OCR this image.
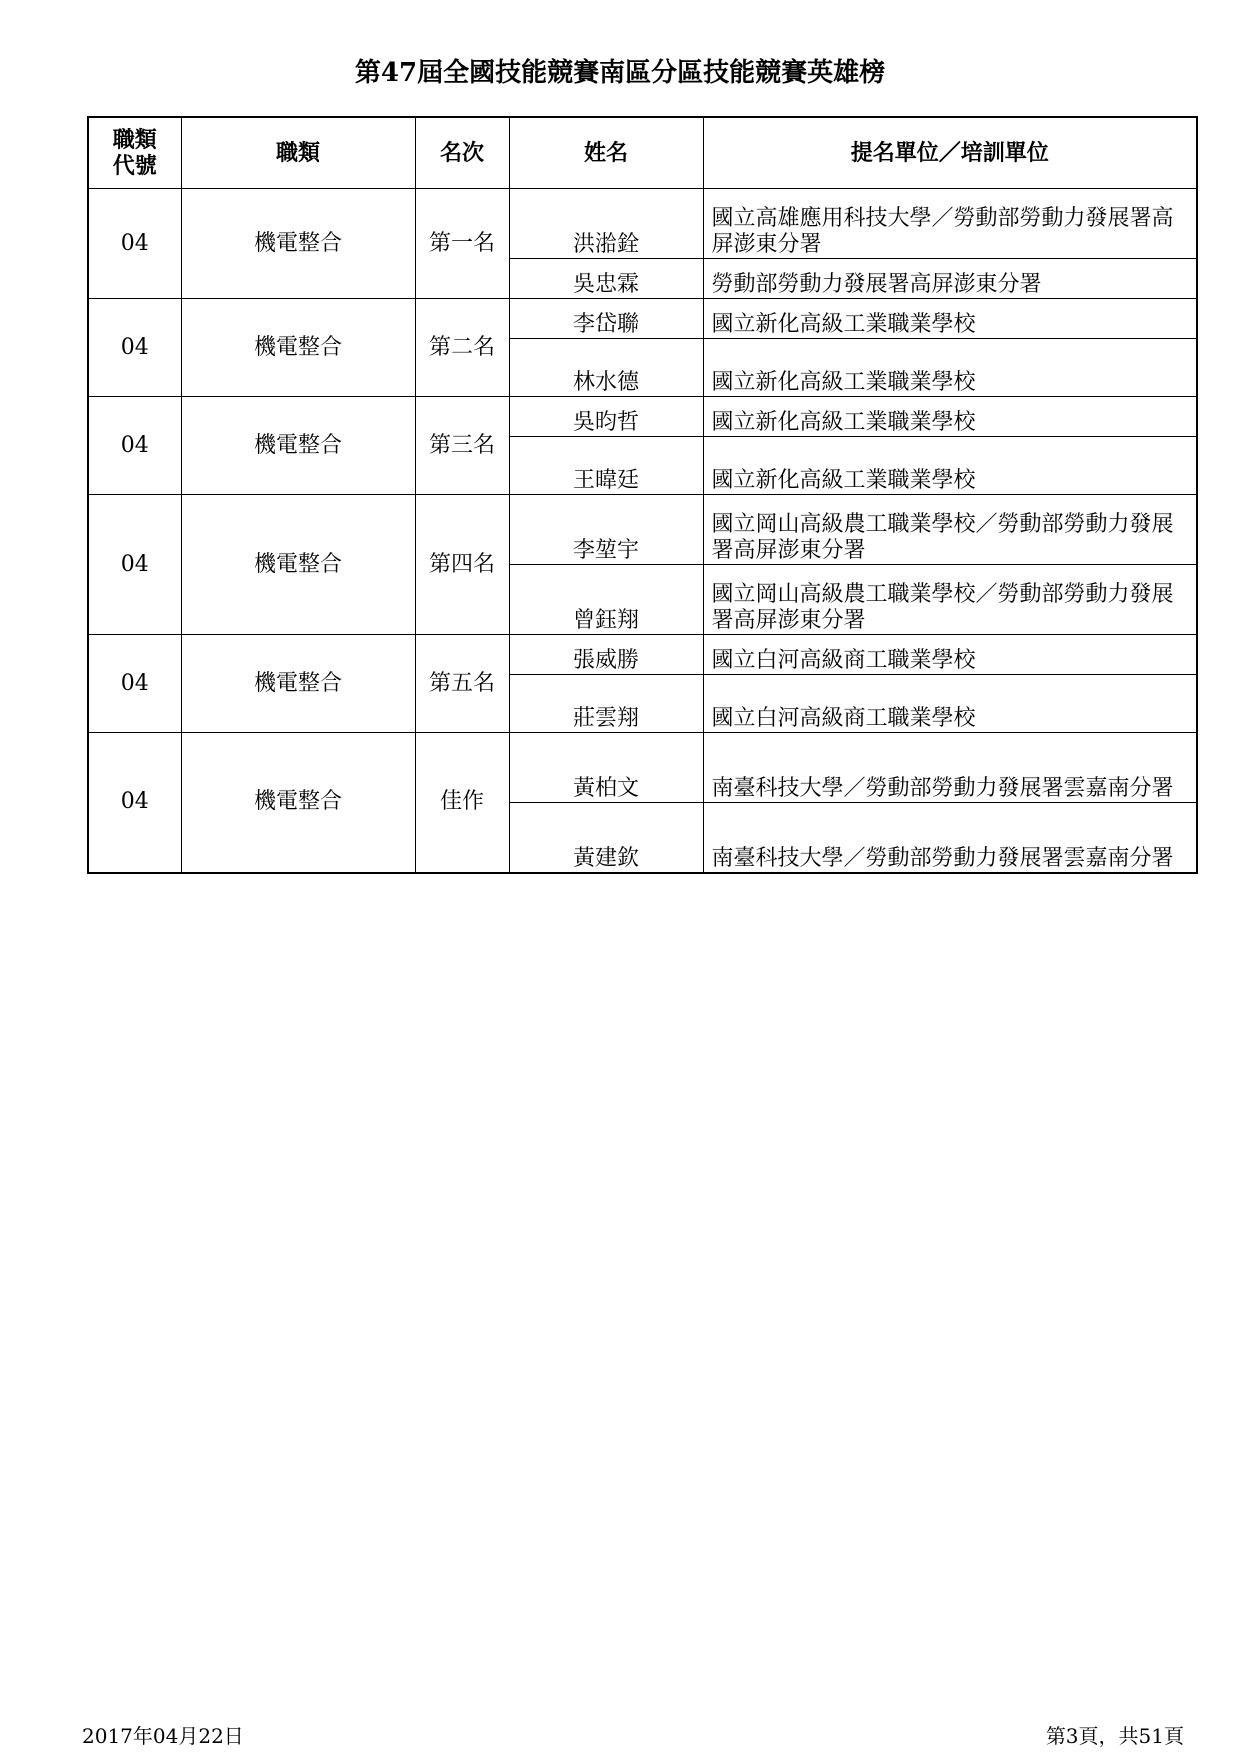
第47屆全國技能競賽南區分區技能競賽英雄榜
職類
代號	職類	名次	姓名	提名單位／培訓單位
04	機電整合	第一名	洪湁銓	國立高雄應用科技大學／勞動部勞動力發展署高屏澎東分署
			吳忠霖	勞動部勞動力發展署高屏澎東分署
04	機電整合	第二名	李岱聯	國立新化高級工業職業學校
			林水德	國立新化高級工業職業學校
04	機電整合	第三名	吳昀哲	國立新化高級工業職業學校
			王暐廷	國立新化高級工業職業學校
04	機電整合	第四名	李堃宇	國立岡山高級農工職業學校／勞動部勞動力發展署高屏澎東分署
			曾鈺翔	國立岡山高級農工職業學校／勞動部勞動力發展署高屏澎東分署
04	機電整合	第五名	張威勝	國立白河高級商工職業學校
			莊雲翔	國立白河高級商工職業學校
04	機電整合	佳作	黃柏文	南臺科技大學／勞動部勞動力發展署雲嘉南分署
			黃建欽	南臺科技大學／勞動部勞動力發展署雲嘉南分署
2017年04月22日	第3頁，共51頁
